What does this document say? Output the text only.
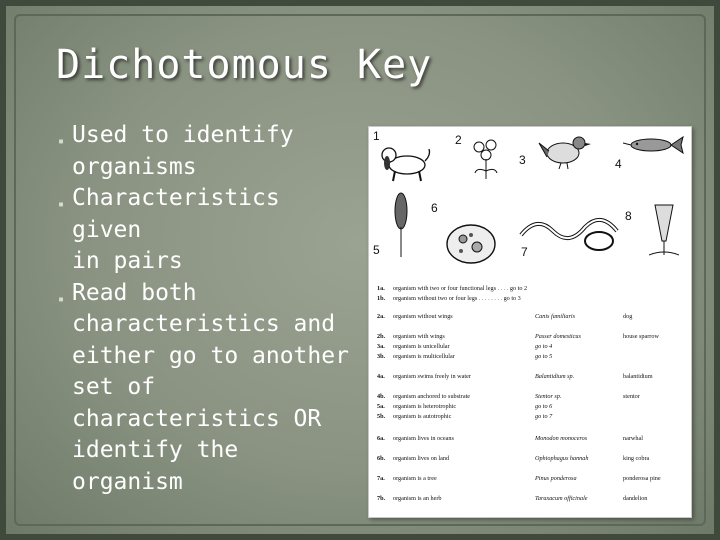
Dichotomous Key
▪ Used to identify
organisms
▪ Characteristics given
in pairs
▪ Read both
characteristics and
either go to another
set of
characteristics OR
identify the organism
1	2
3	4
5
6
7
8
1a. organism with two or four functional legs . . . . go to 2
1b. organism without two or four legs . . . . . . . . go to 3
2a. organism without wings	Canis familiaris	dog
2b. organism with wings	Passer domesticus	house sparrow
3a. organism is unicellular	go to 4
3b. organism is multicellular	go to 5
4a. organism swims freely in water	Balantidium sp.	balantidium
4b. organism anchored to substrate	Stentor sp.	stentor
5a. organism is heterotrophic	go to 6
5b. organism is autotrophic	go to 7
6a. organism lives in oceans	Monodon monoceros	narwhal
6b. organism lives on land	Ophiophagus hannah	king cobra
7a. organism is a tree	Pinus ponderosa	ponderosa pine
7b. organism is an herb	Taraxacum officinale	dandelion
